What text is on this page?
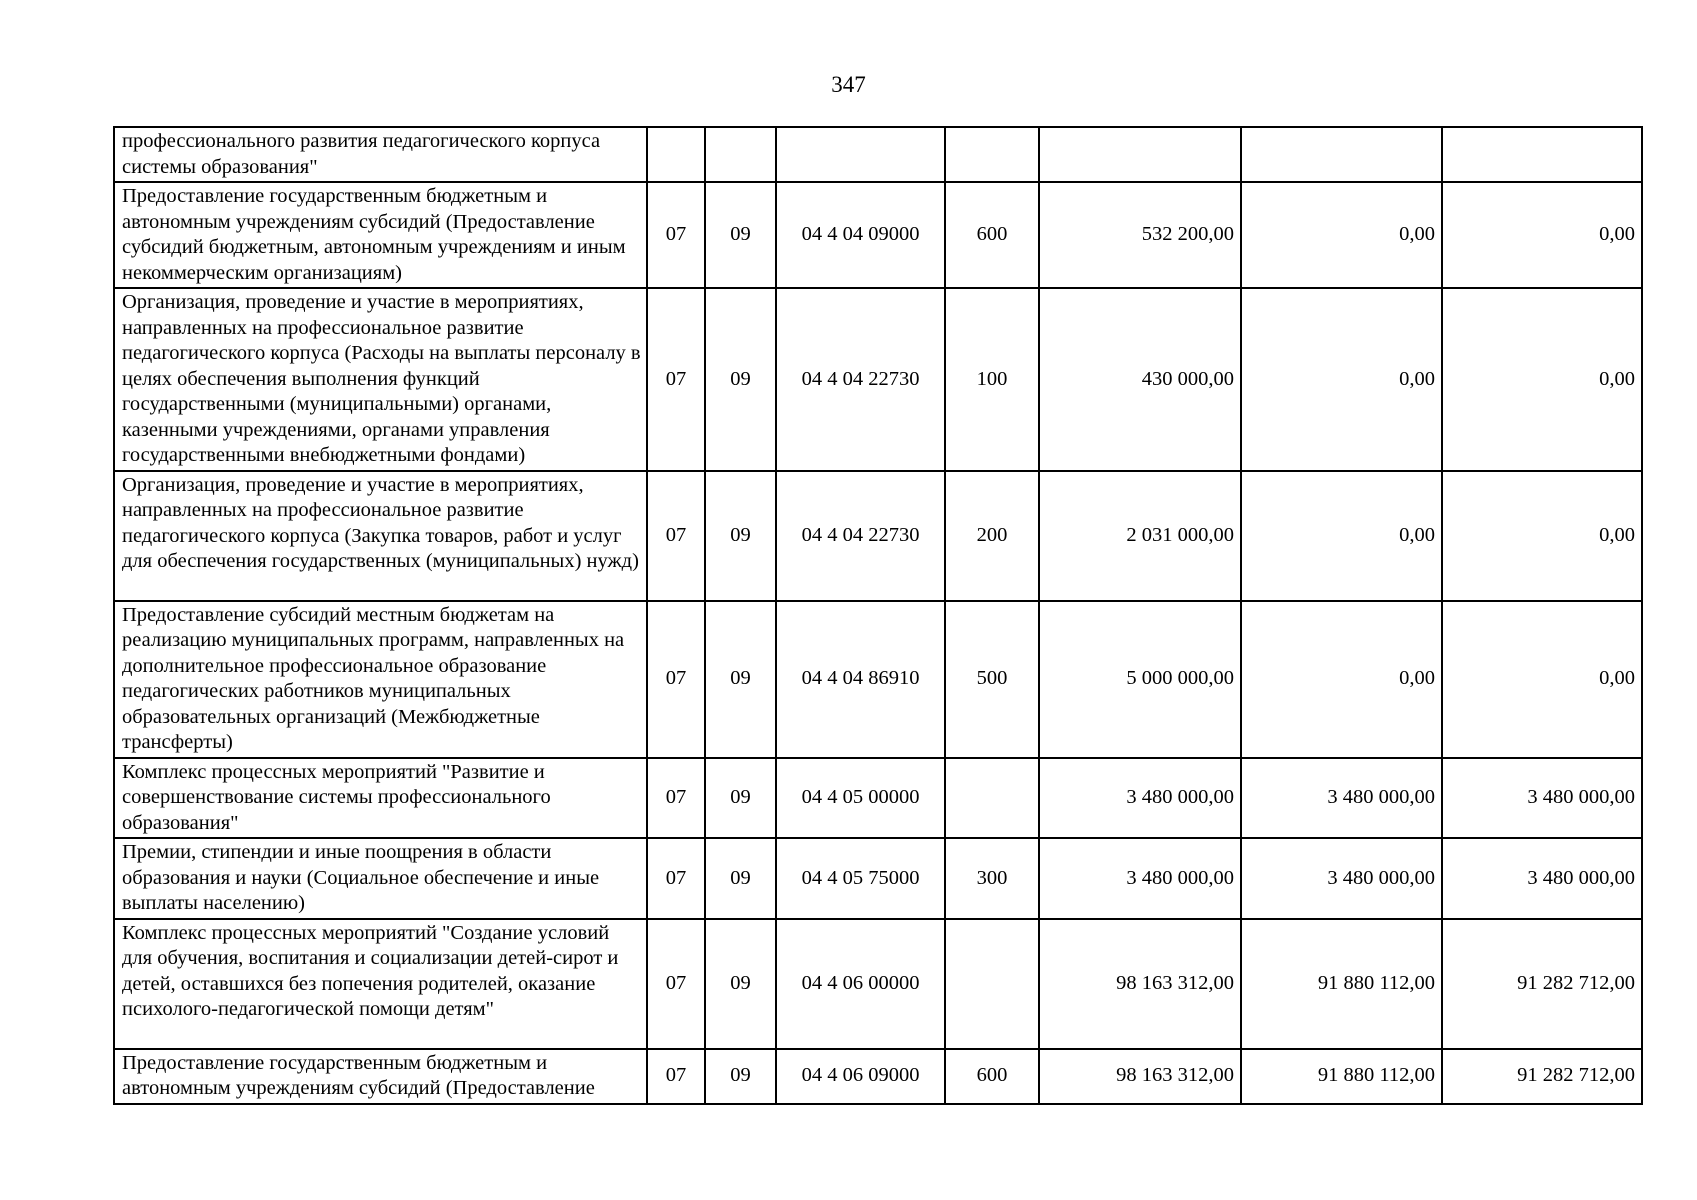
347
профессионального развития педагогического корпуса системы образования"							
Предоставление государственным бюджетным и автономным учреждениям субсидий (Предоставление субсидий бюджетным, автономным учреждениям и иным некоммерческим организациям)	07	09	04 4 04 09000	600	532 200,00	0,00	0,00
Организация, проведение и участие в мероприятиях, направленных на профессиональное развитие педагогического корпуса (Расходы на выплаты персоналу в целях обеспечения выполнения функций государственными (муниципальными) органами, казенными учреждениями, органами управления государственными внебюджетными фондами)	07	09	04 4 04 22730	100	430 000,00	0,00	0,00
Организация, проведение и участие в мероприятиях, направленных на профессиональное развитие педагогического корпуса (Закупка товаров, работ и услуг для обеспечения государственных (муниципальных) нужд)	07	09	04 4 04 22730	200	2 031 000,00	0,00	0,00
Предоставление субсидий местным бюджетам на реализацию муниципальных программ, направленных на дополнительное профессиональное образование педагогических работников муниципальных образовательных организаций (Межбюджетные трансферты)	07	09	04 4 04 86910	500	5 000 000,00	0,00	0,00
Комплекс процессных мероприятий "Развитие и совершенствование системы профессионального образования"	07	09	04 4 05 00000		3 480 000,00	3 480 000,00	3 480 000,00
Премии, стипендии и иные поощрения в области образования и науки (Социальное обеспечение и иные выплаты населению)	07	09	04 4 05 75000	300	3 480 000,00	3 480 000,00	3 480 000,00
Комплекс процессных мероприятий "Создание условий для обучения, воспитания и социализации детей-сирот и детей, оставшихся без попечения родителей, оказание психолого-педагогической помощи детям"	07	09	04 4 06 00000		98 163 312,00	91 880 112,00	91 282 712,00
Предоставление государственным бюджетным и автономным учреждениям субсидий (Предоставление	07	09	04 4 06 09000	600	98 163 312,00	91 880 112,00	91 282 712,00
